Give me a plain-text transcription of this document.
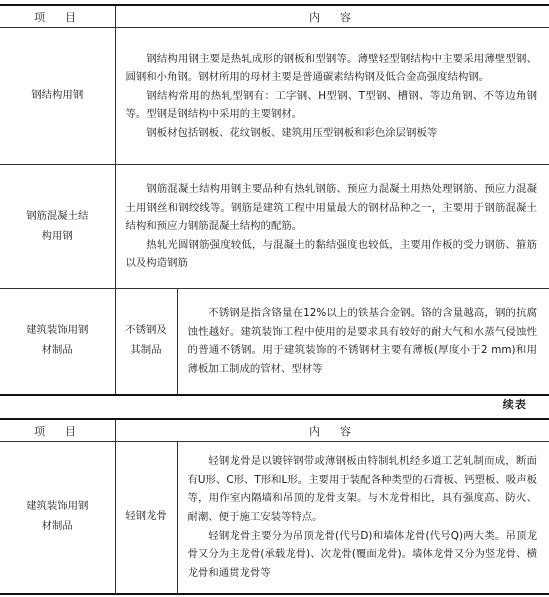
项　目	内　容	
钢结构用钢	钢结构用钢主要是热轧成形的钢板和型钢等。薄壁轻型钢结构中主要采用薄壁型钢、圆钢和小角钢。钢材所用的母材主要是普通碳素结构钢及低合金高强度结构钢。

钢结构常用的热轧型钢有：工字钢、H型钢、T型钢、槽钢、等边角钢、不等边角钢等。型钢是钢结构中采用的主要钢材。

钢板材包括钢板、花纹钢板、建筑用压型钢板和彩色涂层钢板等	

钢筋混凝土结构用钢	钢筋混凝土结构用钢主要品种有热轧钢筋、预应力混凝土用热处理钢筋、预应力混凝土用钢丝和钢绞线等。钢筋是建筑工程中用量最大的钢材品种之一，主要用于钢筋混凝土结构和预应力钢筋混凝土结构的配筋。

热轧光圆钢筋强度较低，与混凝土的黏结强度也较低，主要用作板的受力钢筋、箍筋以及构造钢筋	

建筑装饰用钢材制品	不锈钢及其制品	不锈钢是指含铬量在12%以上的铁基合金钢。铬的含量越高，钢的抗腐蚀性越好。建筑装饰工程中使用的是要求具有较好的耐大气和水蒸气侵蚀性的普通不锈钢。用于建筑装饰的不锈钢材主要有薄板(厚度小于2 mm)和用薄板加工制成的管材、型材等

续表
项　目	内　容	

建筑装饰用钢材制品	轻钢龙骨	轻钢龙骨是以镀锌钢带或薄钢板由特制轧机经多道工艺轧制而成，断面有U形、C形、T形和L形。主要用于装配各种类型的石膏板、钙塑板、吸声板等，用作室内隔墙和吊顶的龙骨支架。与木龙骨相比，具有强度高、防火、耐潮、便于施工安装等特点。

轻钢龙骨主要分为吊顶龙骨(代号D)和墙体龙骨(代号Q)两大类。吊顶龙骨又分为主龙骨(承载龙骨)、次龙骨(覆面龙骨)。墙体龙骨又分为竖龙骨、横龙骨和通贯龙骨等
